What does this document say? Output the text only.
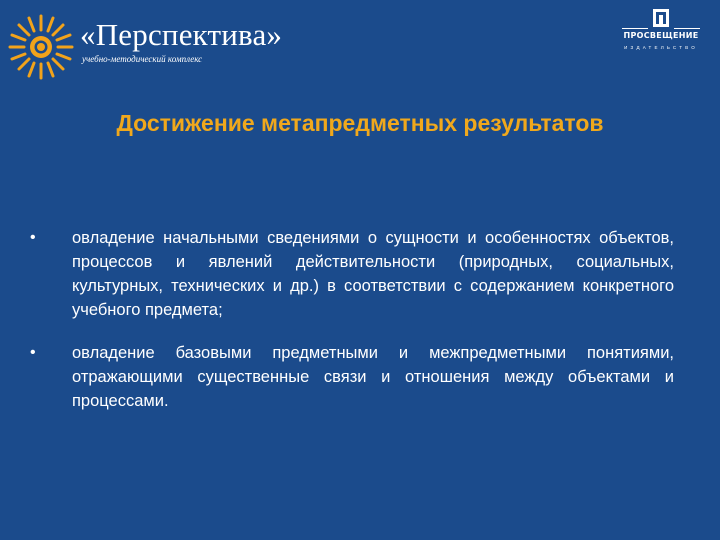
«Перспектива»
учебно-методический комплекс
ПРОСВЕЩЕНИЕ
ИЗДАТЕЛЬСТВО
Достижение метапредметных результатов
• овладение начальными сведениями о сущности и особенностях объектов, процессов и явлений действительности (природных, социальных, культурных, технических и др.) в соответствии с содержанием конкретного учебного предмета;
• овладение базовыми предметными и межпредметными понятиями, отражающими существенные связи и отношения между объектами и процессами.
